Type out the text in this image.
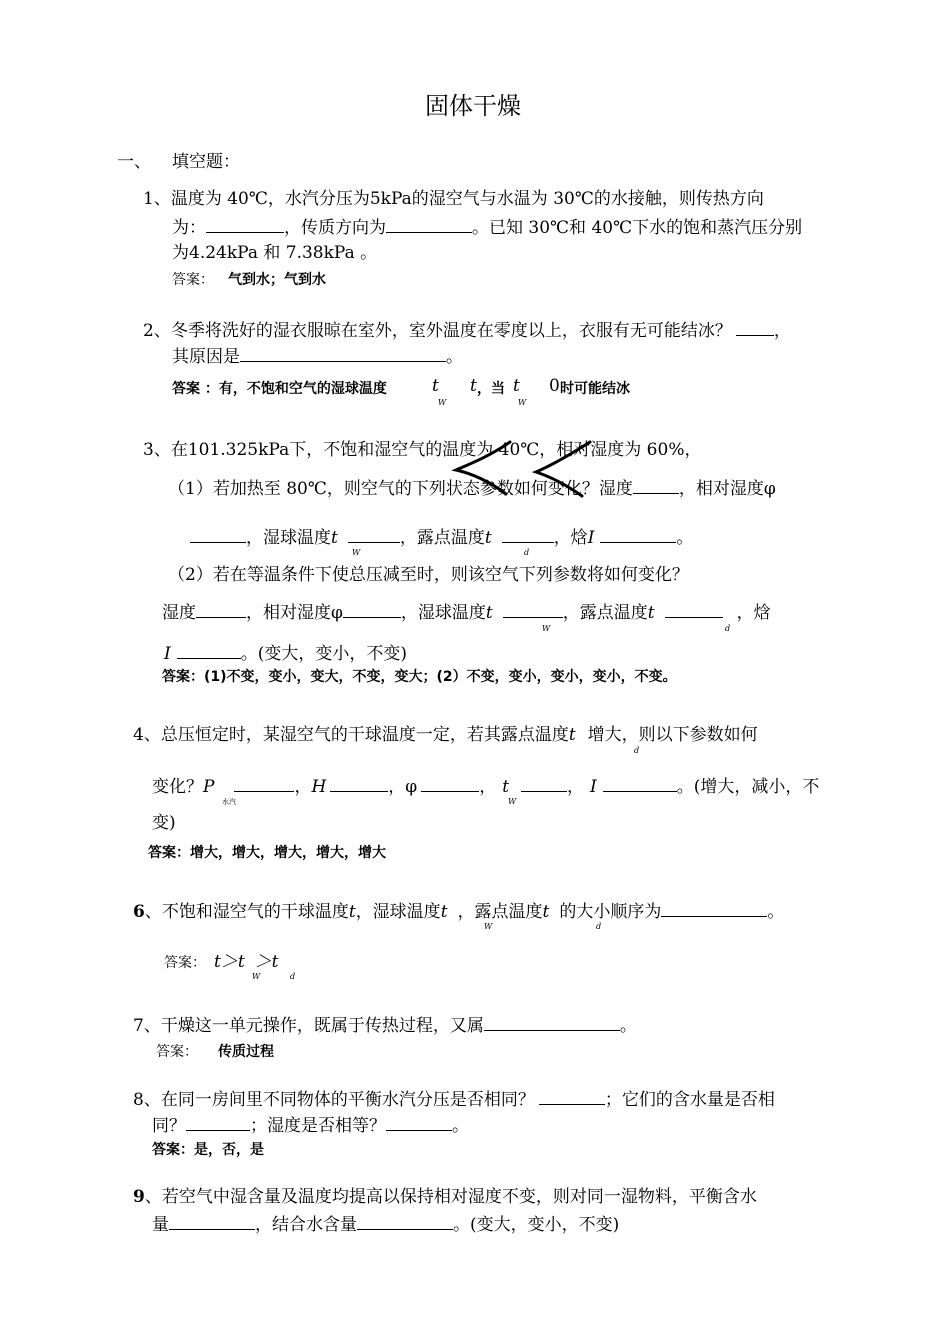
固体干燥
一、 填空题：
1、温度为 40℃，水汽分压为5kPa的湿空气与水温为 30℃的水接触，则传热方向
为：	，传质方向为	。已知 30℃和 40℃下水的饱和蒸汽压分别
为4.24kPa 和 7.38kPa 。
答案： 气到水；气到水
2、冬季将洗好的湿衣服晾在室外，室外温度在零度以上，衣服有无可能结冰？ ，
其原因是	。
答案 ：有，不饱和空气的湿球温度	t
W
t ，当 t
W
0 时可能结冰
3、在101.325kPa下，不饱和湿空气的温度为 40℃，相对湿度为 60%，
（1）若加热至 80℃，则空气的下列状态参数如何变化？湿度	，相对湿度φ
，湿球温度t	，露点温度t	，焓I	。
W	d
（2）若在等温条件下使总压减至时，则该空气下列参数将如何变化？
湿度	，相对湿度φ	，湿球温度t	，露点温度t	，焓
W	d
I	。(变大，变小，不变)
答案：(1)不变，变小，变大，不变，变大；(2）不变，变小，变小，变小，不变。
4、总压恒定时，某湿空气的干球温度一定，若其露点温度t 增大，则以下参数如何
d
变化？P	，H	，φ	， t	， I	。(增大，减小，不
水汽	W
变)
答案：增大，增大，增大，增大，增大
6、不饱和湿空气的干球温度t，湿球温度t ，露点温度t 的大小顺序为	。
W	d
答案： t＞t ＞t
W	d
7、干燥这一单元操作，既属于传热过程，又属	。
答案： 传质过程
8、在同一房间里不同物体的平衡水汽分压是否相同？	；它们的含水量是否相
同？	；湿度是否相等？	。
答案：是，否，是
9、若空气中湿含量及温度均提高以保持相对湿度不变，则对同一湿物料，平衡含水
量	，结合水含量	。(变大，变小，不变)
